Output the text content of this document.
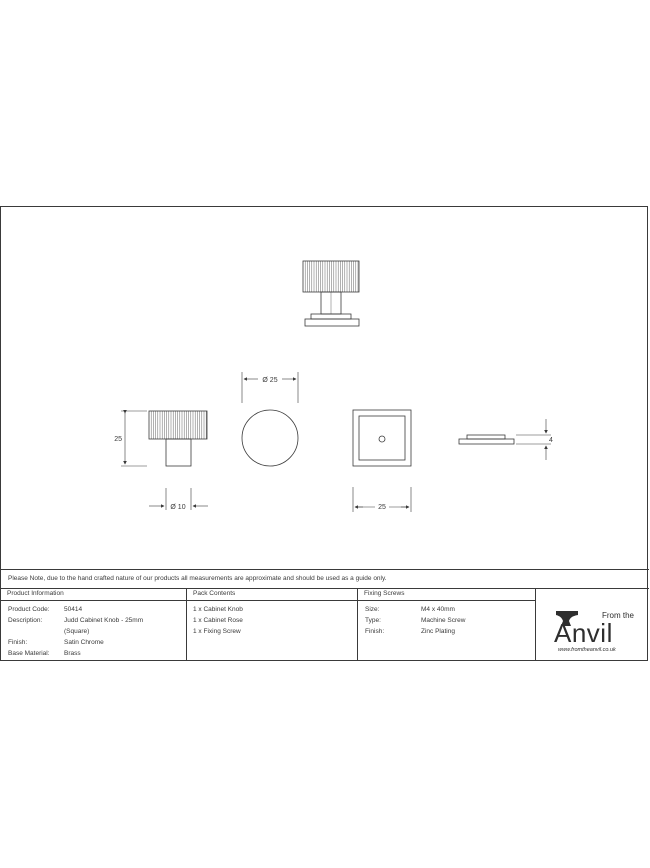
25
Ø 10
Ø 25
25
4
Please Note, due to the hand crafted nature of our products all measurements are approximate and should be used as a guide only.
Product Information
Product Code:	50414
Description:	Judd Cabinet Knob - 25mm
(Square)
Finish:	Satin Chrome
Base Material:	Brass
Pack Contents
1 x Cabinet Knob
1 x Cabinet Rose
1 x Fixing Screw
Fixing Screws
Size:	M4 x 40mm
Type:	Machine Screw
Finish:	Zinc Plating
From the
Anvil
www.fromtheanvil.co.uk
